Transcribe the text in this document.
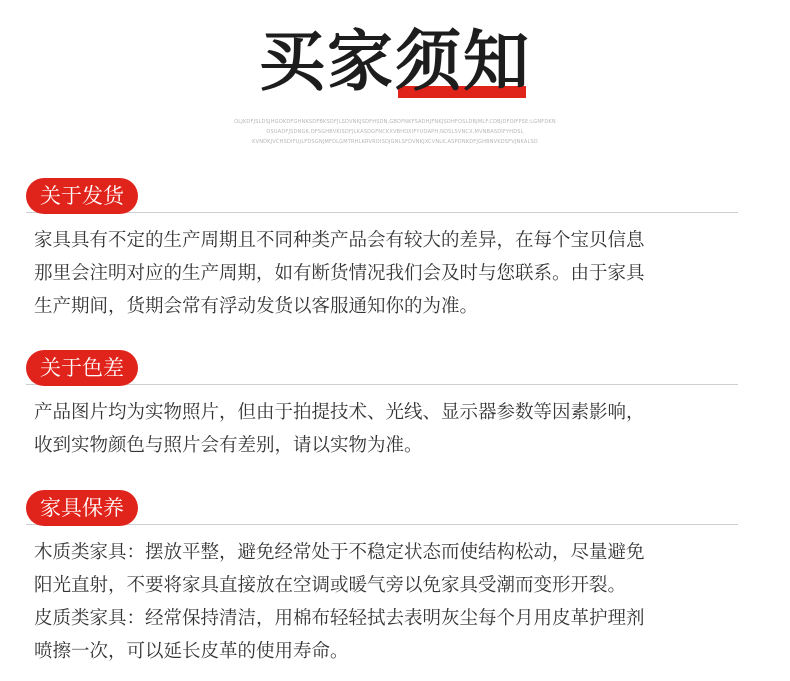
买家须知
OLJKDFJSLDSJHGOKDFGHNKSDFBKSDFJLSDVNKJSDFHSDN,GBDFNKFSADHJFNKJSDHFOSLDBJMLF.CDBJDFOIFPSE;LGNFDKN
OSUADFJSDNGK,DFSGHBVKISDFJLKASDGFNCKXVBHOXIFYUOAPH,NDSLSVNCX,MVNBASDIFYHDSL
KVNDKJVCHSDIFUJLFDSGNJMFDLGMTRHLKRVROISDJGNLSFDVNKJXCVNLK,ASPDNKDFJGHBNVKDSFVJNKALSD
关于发货
家具具有不定的生产周期且不同种类产品会有较大的差异，在每个宝贝信息
那里会注明对应的生产周期，如有断货情况我们会及时与您联系。由于家具
生产期间，货期会常有浮动发货以客服通知你的为准。
关于色差
产品图片均为实物照片，但由于拍提技术、光线、显示器参数等因素影响，
收到实物颜色与照片会有差别，请以实物为准。
家具保养
木质类家具：摆放平整，避免经常处于不稳定状态而使结构松动，尽量避免
阳光直射，不要将家具直接放在空调或暖气旁以免家具受潮而变形开裂。
皮质类家具：经常保持清洁，用棉布轻轻拭去表明灰尘每个月用皮革护理剂
喷擦一次，可以延长皮革的使用寿命。
